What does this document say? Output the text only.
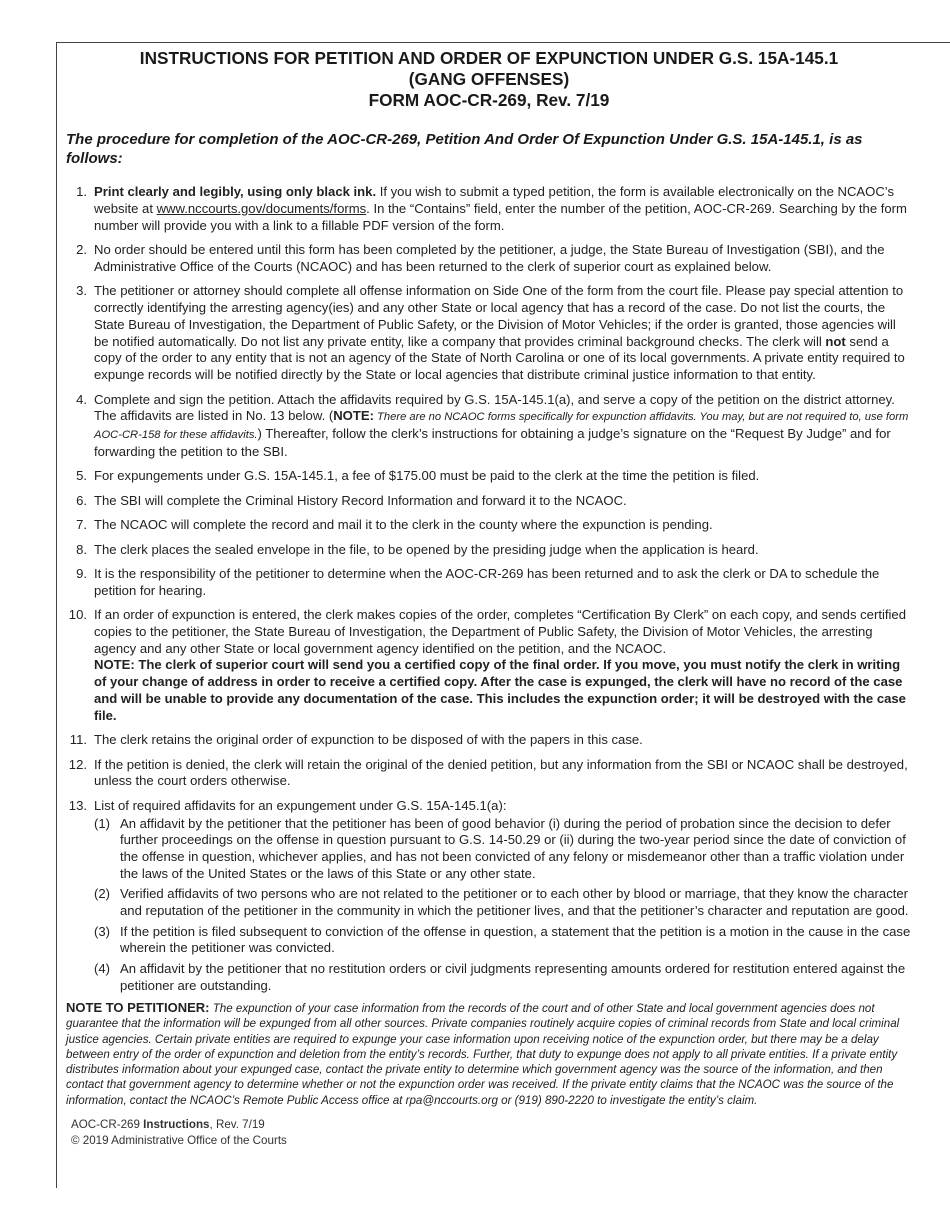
INSTRUCTIONS FOR PETITION AND ORDER OF EXPUNCTION UNDER G.S. 15A-145.1
(GANG OFFENSES)
FORM AOC-CR-269, Rev. 7/19
The procedure for completion of the AOC-CR-269, Petition And Order Of Expunction Under G.S. 15A-145.1, is as follows:
1. Print clearly and legibly, using only black ink. If you wish to submit a typed petition, the form is available electronically on the NCAOC’s website at www.nccourts.gov/documents/forms. In the “Contains” field, enter the number of the petition, AOC-CR-269. Searching by the form number will provide you with a link to a fillable PDF version of the form.
2. No order should be entered until this form has been completed by the petitioner, a judge, the State Bureau of Investigation (SBI), and the Administrative Office of the Courts (NCAOC) and has been returned to the clerk of superior court as explained below.
3. The petitioner or attorney should complete all offense information on Side One of the form from the court file. Please pay special attention to correctly identifying the arresting agency(ies) and any other State or local agency that has a record of the case. Do not list the courts, the State Bureau of Investigation, the Department of Public Safety, or the Division of Motor Vehicles; if the order is granted, those agencies will be notified automatically. Do not list any private entity, like a company that provides criminal background checks. The clerk will not send a copy of the order to any entity that is not an agency of the State of North Carolina or one of its local governments. A private entity required to expunge records will be notified directly by the State or local agencies that distribute criminal justice information to that entity.
4. Complete and sign the petition. Attach the affidavits required by G.S. 15A-145.1(a), and serve a copy of the petition on the district attorney. The affidavits are listed in No. 13 below. (NOTE: There are no NCAOC forms specifically for expunction affidavits. You may, but are not required to, use form AOC-CR-158 for these affidavits.) Thereafter, follow the clerk’s instructions for obtaining a judge’s signature on the “Request By Judge” and for forwarding the petition to the SBI.
5. For expungements under G.S. 15A-145.1, a fee of $175.00 must be paid to the clerk at the time the petition is filed.
6. The SBI will complete the Criminal History Record Information and forward it to the NCAOC.
7. The NCAOC will complete the record and mail it to the clerk in the county where the expunction is pending.
8. The clerk places the sealed envelope in the file, to be opened by the presiding judge when the application is heard.
9. It is the responsibility of the petitioner to determine when the AOC-CR-269 has been returned and to ask the clerk or DA to schedule the petition for hearing.
10. If an order of expunction is entered, the clerk makes copies of the order, completes “Certification By Clerk” on each copy, and sends certified copies to the petitioner, the State Bureau of Investigation, the Department of Public Safety, the Division of Motor Vehicles, the arresting agency and any other State or local government agency identified on the petition, and the NCAOC.
NOTE: The clerk of superior court will send you a certified copy of the final order. If you move, you must notify the clerk in writing of your change of address in order to receive a certified copy. After the case is expunged, the clerk will have no record of the case and will be unable to provide any documentation of the case. This includes the expunction order; it will be destroyed with the case file.
11. The clerk retains the original order of expunction to be disposed of with the papers in this case.
12. If the petition is denied, the clerk will retain the original of the denied petition, but any information from the SBI or NCAOC shall be destroyed, unless the court orders otherwise.
13. List of required affidavits for an expungement under G.S. 15A-145.1(a):
(1) An affidavit by the petitioner that the petitioner has been of good behavior (i) during the period of probation since the decision to defer further proceedings on the offense in question pursuant to G.S. 14-50.29 or (ii) during the two-year period since the date of conviction of the offense in question, whichever applies, and has not been convicted of any felony or misdemeanor other than a traffic violation under the laws of the United States or the laws of this State or any other state.
(2) Verified affidavits of two persons who are not related to the petitioner or to each other by blood or marriage, that they know the character and reputation of the petitioner in the community in which the petitioner lives, and that the petitioner’s character and reputation are good.
(3) If the petition is filed subsequent to conviction of the offense in question, a statement that the petition is a motion in the cause in the case wherein the petitioner was convicted.
(4) An affidavit by the petitioner that no restitution orders or civil judgments representing amounts ordered for restitution entered against the petitioner are outstanding.
NOTE TO PETITIONER: The expunction of your case information from the records of the court and of other State and local government agencies does not guarantee that the information will be expunged from all other sources. Private companies routinely acquire copies of criminal records from State and local criminal justice agencies. Certain private entities are required to expunge your case information upon receiving notice of the expunction order, but there may be a delay between entry of the order of expunction and deletion from the entity’s records. Further, that duty to expunge does not apply to all private entities. If a private entity distributes information about your expunged case, contact the private entity to determine which government agency was the source of the information, and then contact that government agency to determine whether or not the expunction order was received. If the private entity claims that the NCAOC was the source of the information, contact the NCAOC’s Remote Public Access office at rpa@nccourts.org or (919) 890-2220 to investigate the entity’s claim.
AOC-CR-269 Instructions, Rev. 7/19
© 2019 Administrative Office of the Courts
